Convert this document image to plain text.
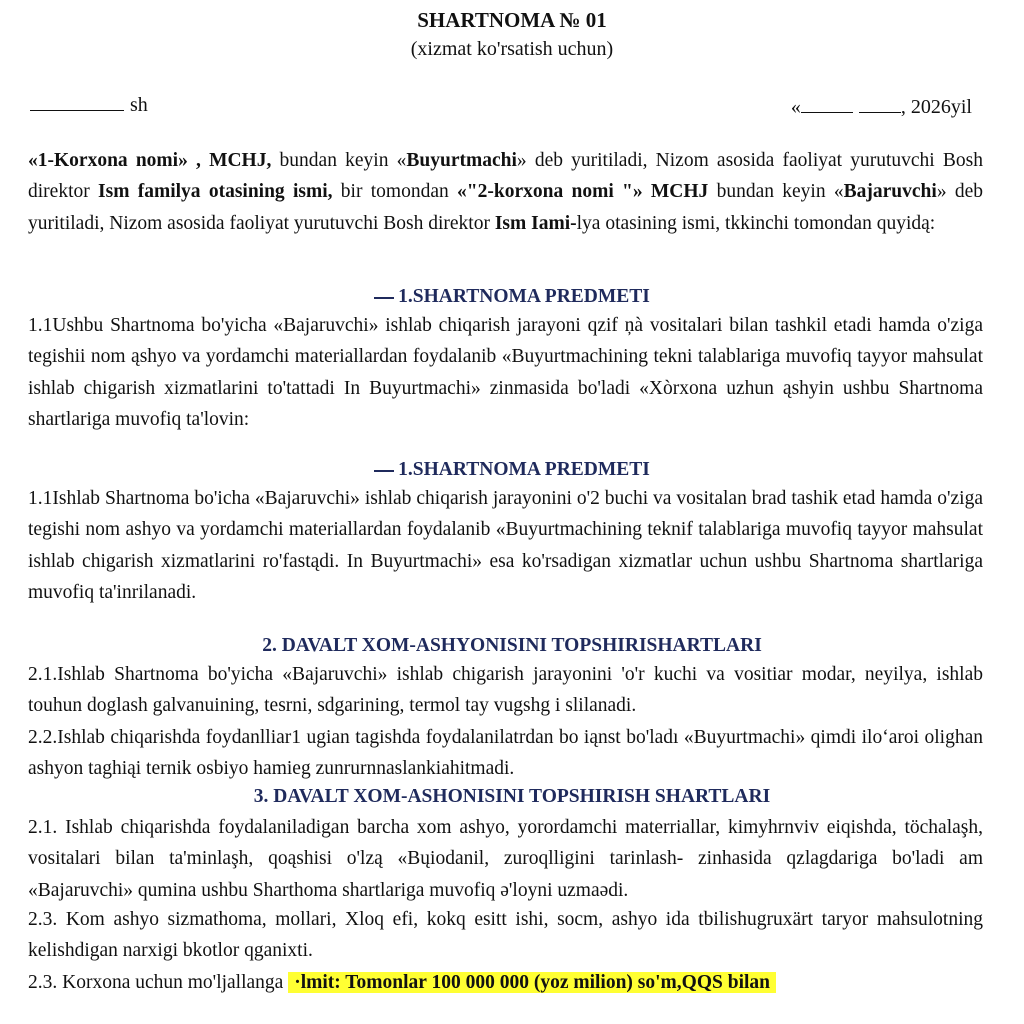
SHARTNOMA № 01
(xizmat ko'rsatish uchun)
sh	«	, 2026yil

«1-Korxona nomi» , MCHJ, bundan keyin «Buyurtmachi» deb yuritiladi, Nizom asosida faoliyat yurutuvchi Bosh direktor Ism familya otasining ismi, bir tomondan «"2-korxona nomi "» MCHJ bundan keyin «Bajaruvchi» deb yuritiladi, Nizom asosida faoliyat yurutuvchi Bosh direktor Ism Iami-lya otasining ismi, tkkinchi tomondan quyidą:

1.SHARTNOMA PREDMETI

1.1Ushbu Shartnoma bo'yicha «Bajaruvchi» ishlab chiqarish jarayoni qzif ņà vositalari bilan tashkil etadi hamda o'ziga tegishii nom ąshyo va yordamchi materiallardan foydalanib «Buyurtmachining tekni talablariga muvofiq tayyor mahsulat ishlab chigarish xizmatlarini to'tattadi In Buyurtmachi» zinmasida bo'ladi «Xòrxona uzhun ąshyin ushbu Shartnoma shartlariga muvofiq ta'lovin:

1.SHARTNOMA PREDMETI

1.1Ishlab Shartnoma bo'icha «Bajaruvchi» ishlab chiqarish jarayonini o'2 buchi va vositalan brad tashik etad hamda o'ziga tegishi nom ashyo va yordamchi materiallardan foydalanib «Buyurtmachining teknif talablariga muvofiq tayyor mahsulat ishlab chigarish xizmatlarini ro'fastądi. In Buyurtmachi» esa ko'rsadigan xizmatlar uchun ushbu Shartnoma shartlariga muvofiq ta'inrilanadi.

2. DAVALT XOM-ASHYONISINI TOPSHIRISHARTLARI

2.1.Ishlab Shartnoma bo'yicha «Bajaruvchi» ishlab chigarish jarayonini 'o'r kuchi va vositiar modar, neyilya, ishlab touhun doglash galvanuining, tesrni, sdgarining, termol tay vugshg i slilanadi.

2.2.Ishlab chiqarishda foydanlliar1 ugian tagishda foydalanilatrdan bo iąnst bo'ladı «Buyurtmachi» qimdi iloʻaroi olighan ashyon taghiąi ternik osbiyo hamieg zunrurnnaslankiahitmadi.

3. DAVALT XOM-ASHONISINI TOPSHIRISH SHARTLARI

2.1. Ishlab chiqarishda foydalaniladigan barcha xom ashyo, yorordamchi materriallar, kimyhrnviv eiqishda, töchalaşh, vositalari bilan ta'minlaşh, qoąshisi o'lzą «Bųiodanil, zuroqlligini tarinlash- zinhasida qzlagdariga bo'ladi am «Bajaruvchi» qumina ushbu Sharthoma shartlariga muvofiq ə'loyni uzmaədi.

2.3. Kom ashyo sizmathoma, mollari, Xloq efi, kokq esitt ishi, socm, ashyo ida tbilishugruxärt taryor mahsulotning kelishdigan narxigi bkotlor qganixti.

2.3. Korxona uchun mo'ljallanga ·lmit: Tomonlar 100 000 000 (yoz milion) so'm,QQS bilan
